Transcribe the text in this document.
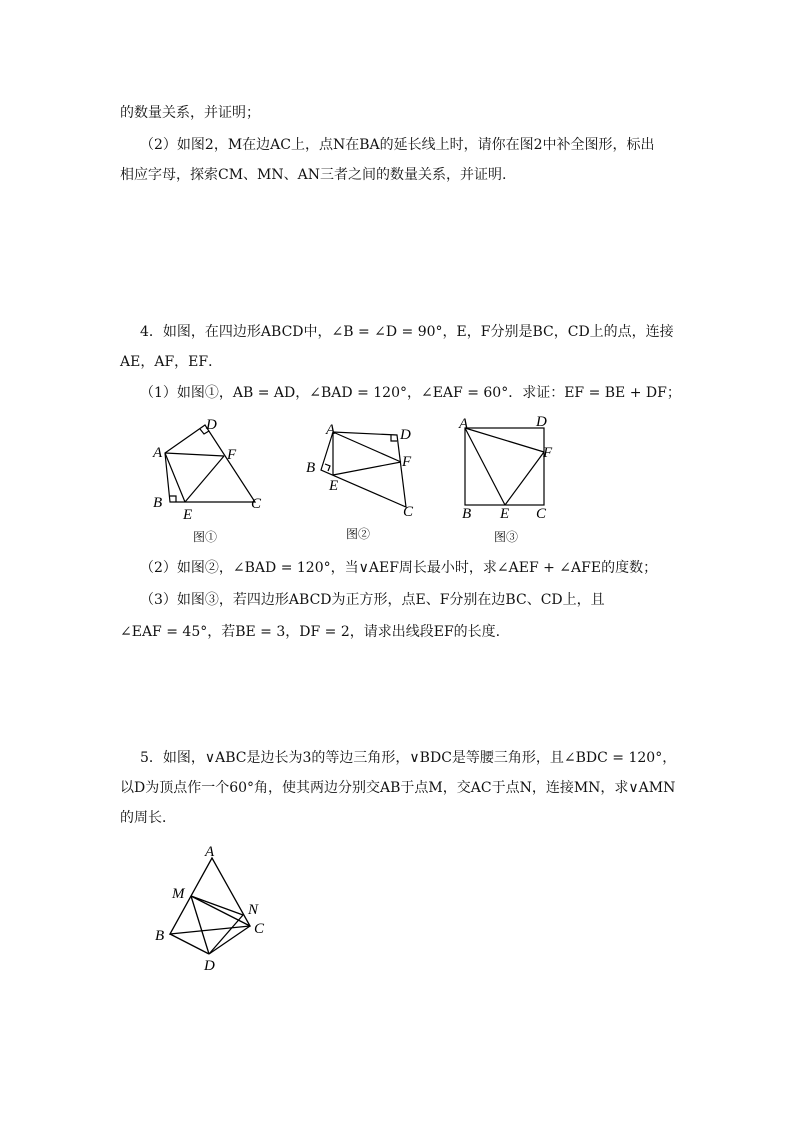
的数量关系，并证明；
（2）如图2，M在边AC上，点N在BA的延长线上时，请你在图2中补全图形，标出
相应字母，探索CM、MN、AN三者之间的数量关系，并证明.
4．如图，在四边形ABCD中，∠B = ∠D = 90°，E，F分别是BC，CD上的点，连接
AE，AF，EF．
（1）如图①，AB = AD，∠BAD = 120°，∠EAF = 60°．求证：EF = BE + DF；
A
B	C
D
E
F
图①
A
B
C
D
E
F
图②
A
B	C
D
E
F
图③
（2）如图②，∠BAD = 120°，当∨AEF周长最小时，求∠AEF + ∠AFE的度数；
（3）如图③，若四边形ABCD为正方形，点E、F分别在边BC、CD上，且
∠EAF = 45°，若BE = 3，DF = 2，请求出线段EF的长度.
5．如图，∨ABC是边长为3的等边三角形，∨BDC是等腰三角形，且∠BDC = 120°，
以D为顶点作一个60°角，使其两边分别交AB于点M，交AC于点N，连接MN，求∨AMN
的周长．
A
B	C
D
M
N
